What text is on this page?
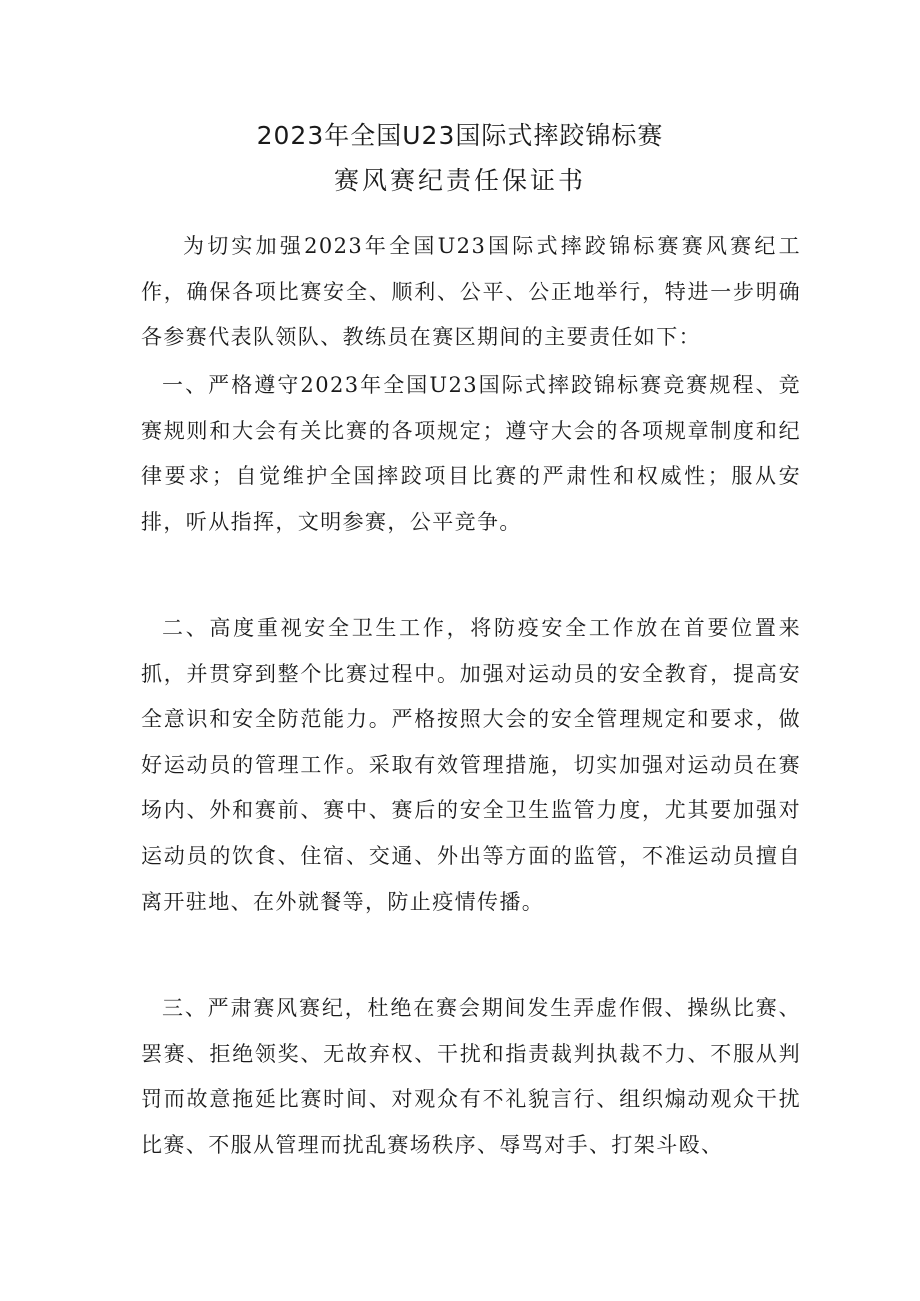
2023年全国U23国际式摔跤锦标赛
赛风赛纪责任保证书

为切实加强2023年全国U23国际式摔跤锦标赛赛风赛纪工作，确保各项比赛安全、顺利、公平、公正地举行，特进一步明确各参赛代表队领队、教练员在赛区期间的主要责任如下：

一、严格遵守2023年全国U23国际式摔跤锦标赛竞赛规程、竞赛规则和大会有关比赛的各项规定；遵守大会的各项规章制度和纪律要求；自觉维护全国摔跤项目比赛的严肃性和权威性；服从安排，听从指挥，文明参赛，公平竞争。

二、高度重视安全卫生工作，将防疫安全工作放在首要位置来抓，并贯穿到整个比赛过程中。加强对运动员的安全教育，提高安全意识和安全防范能力。严格按照大会的安全管理规定和要求，做好运动员的管理工作。采取有效管理措施，切实加强对运动员在赛场内、外和赛前、赛中、赛后的安全卫生监管力度，尤其要加强对运动员的饮食、住宿、交通、外出等方面的监管，不准运动员擅自离开驻地、在外就餐等，防止疫情传播。

三、严肃赛风赛纪，杜绝在赛会期间发生弄虚作假、操纵比赛、罢赛、拒绝领奖、无故弃权、干扰和指责裁判执裁不力、不服从判罚而故意拖延比赛时间、对观众有不礼貌言行、组织煽动观众干扰比赛、不服从管理而扰乱赛场秩序、辱骂对手、打架斗殴、
